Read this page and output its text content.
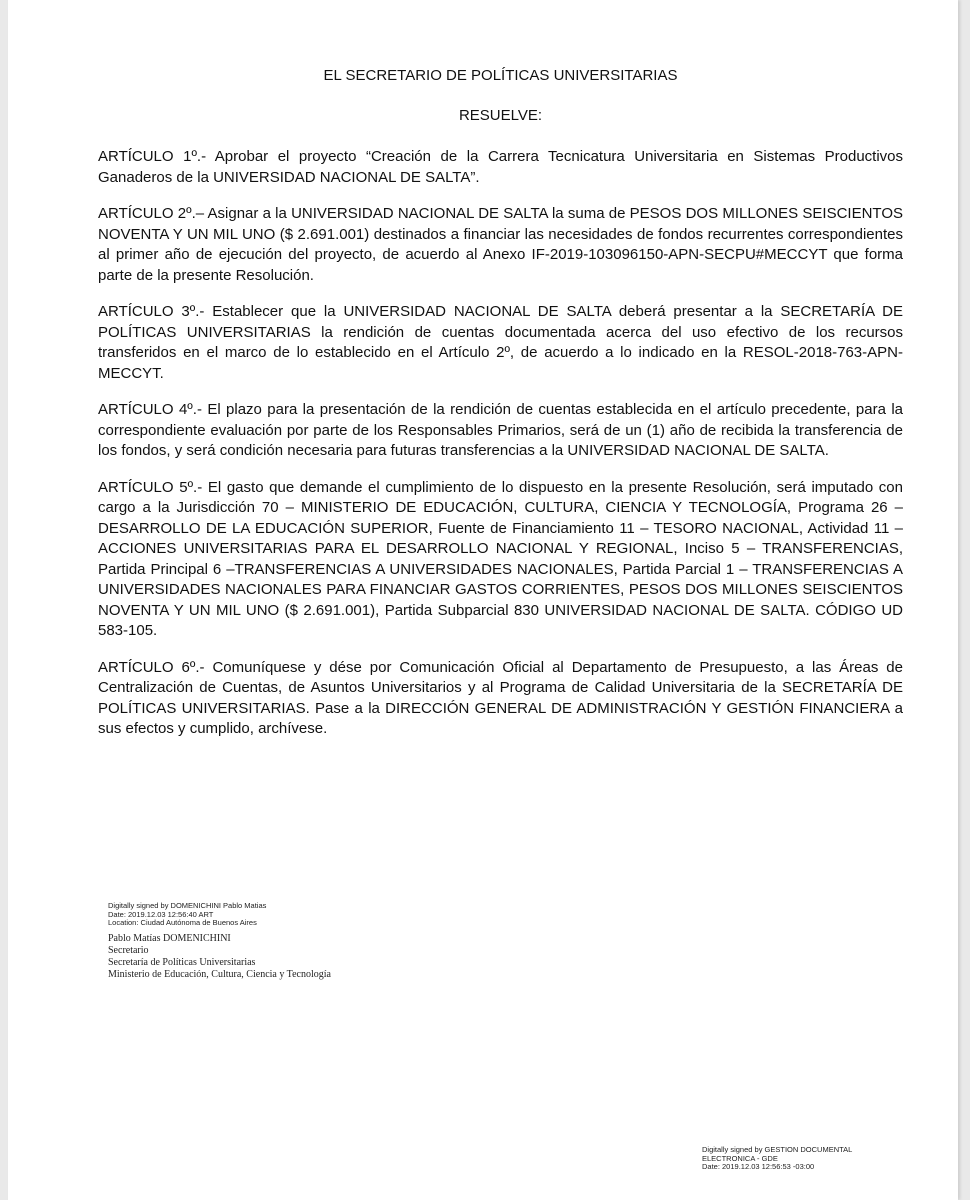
EL SECRETARIO DE POLÍTICAS UNIVERSITARIAS

RESUELVE:

ARTÍCULO 1º.- Aprobar el proyecto “Creación de la Carrera Tecnicatura Universitaria en Sistemas Productivos Ganaderos de la UNIVERSIDAD NACIONAL DE SALTA”.

ARTÍCULO 2º.– Asignar a la UNIVERSIDAD NACIONAL DE SALTA la suma de PESOS DOS MILLONES SEISCIENTOS NOVENTA Y UN MIL UNO ($ 2.691.001) destinados a financiar las necesidades de fondos recurrentes correspondientes al primer año de ejecución del proyecto, de acuerdo al Anexo IF-2019-103096150-APN-SECPU#MECCYT que forma parte de la presente Resolución.

ARTÍCULO 3º.- Establecer que la UNIVERSIDAD NACIONAL DE SALTA deberá presentar a la SECRETARÍA DE POLÍTICAS UNIVERSITARIAS la rendición de cuentas documentada acerca del uso efectivo de los recursos transferidos en el marco de lo establecido en el Artículo 2º, de acuerdo a lo indicado en la RESOL-2018-763-APN-MECCYT.

ARTÍCULO 4º.- El plazo para la presentación de la rendición de cuentas establecida en el artículo precedente, para la correspondiente evaluación por parte de los Responsables Primarios, será de un (1) año de recibida la transferencia de los fondos, y será condición necesaria para futuras transferencias a la UNIVERSIDAD NACIONAL DE SALTA.

ARTÍCULO 5º.- El gasto que demande el cumplimiento de lo dispuesto en la presente Resolución, será imputado con cargo a la Jurisdicción 70 – MINISTERIO DE EDUCACIÓN, CULTURA, CIENCIA Y TECNOLOGÍA, Programa 26 – DESARROLLO DE LA EDUCACIÓN SUPERIOR, Fuente de Financiamiento 11 – TESORO NACIONAL, Actividad 11 – ACCIONES UNIVERSITARIAS PARA EL DESARROLLO NACIONAL Y REGIONAL, Inciso 5 – TRANSFERENCIAS, Partida Principal 6 –TRANSFERENCIAS A UNIVERSIDADES NACIONALES, Partida Parcial 1 – TRANSFERENCIAS A UNIVERSIDADES NACIONALES PARA FINANCIAR GASTOS CORRIENTES, PESOS DOS MILLONES SEISCIENTOS NOVENTA Y UN MIL UNO ($ 2.691.001), Partida Subparcial 830 UNIVERSIDAD NACIONAL DE SALTA. CÓDIGO UD 583-105.

ARTÍCULO 6º.- Comuníquese y dése por Comunicación Oficial al Departamento de Presupuesto, a las Áreas de Centralización de Cuentas, de Asuntos Universitarios y al Programa de Calidad Universitaria de la SECRETARÍA DE POLÍTICAS UNIVERSITARIAS. Pase a la DIRECCIÓN GENERAL DE ADMINISTRACIÓN Y GESTIÓN FINANCIERA a sus efectos y cumplido, archívese.

Digitally signed by DOMENICHINI Pablo Matias
Date: 2019.12.03 12:56:40 ART
Location: Ciudad Autónoma de Buenos Aires
Pablo Matías DOMENICHINI
Secretario
Secretaría de Políticas Universitarias
Ministerio de Educación, Cultura, Ciencia y Tecnología
Digitally signed by GESTION DOCUMENTAL
ELECTRONICA - GDE
Date: 2019.12.03 12:56:53 -03:00
